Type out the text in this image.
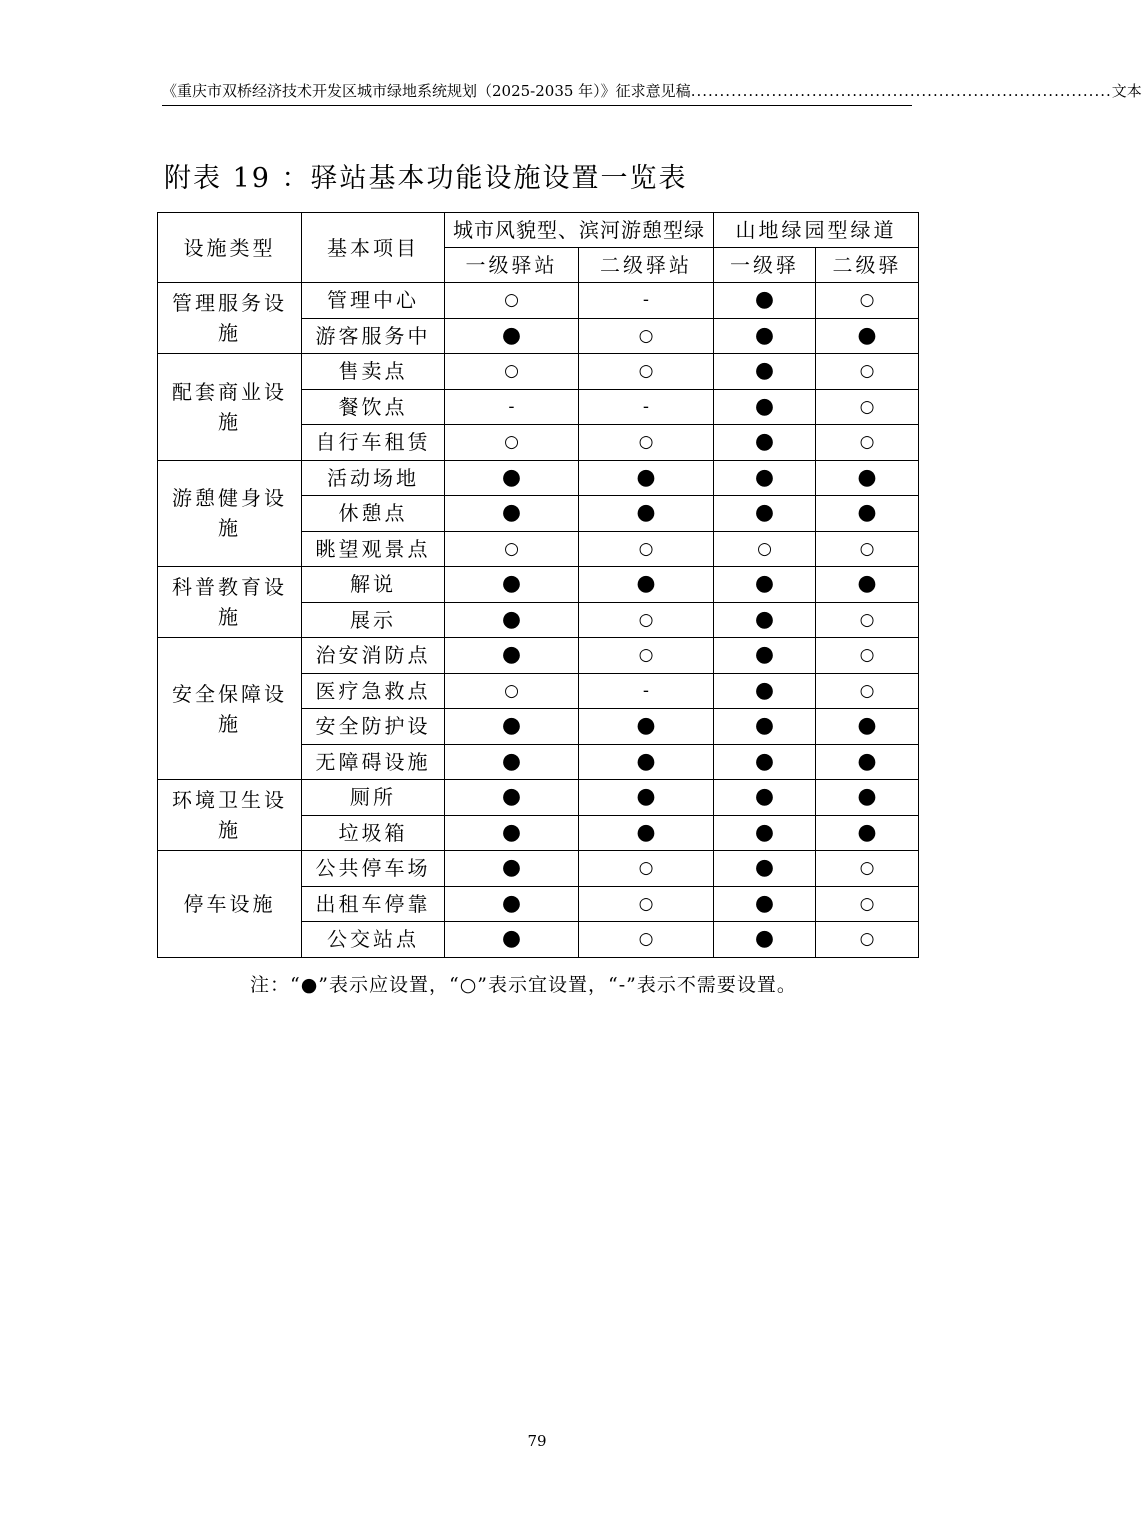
《重庆市双桥经济技术开发区城市绿地系统规划（2025-2035 年）》征求意见稿 ......................................................................... 文本
附表 19 ：驿站基本功能设施设置一览表
设施类型	基本项目	城市风貌型、滨河游憩型绿		山地绿园型绿道	
		一级驿站	二级驿站	一级驿	二级驿
管理服务设施	管理中心	○	-	●	○
	游客服务中	●	○	●	●
配套商业设施	售卖点	○	○	●	○
	餐饮点	-	-	●	○
	自行车租赁	○	○	●	○
游憩健身设施	活动场地	●	●	●	●
	休憩点	●	●	●	●
	眺望观景点	○	○	○	○
科普教育设施	解说	●	●	●	●
	展示	●	○	●	○
安全保障设施	治安消防点	●	○	●	○
	医疗急救点	○	-	●	○
	安全防护设	●	●	●	●
	无障碍设施	●	●	●	●
环境卫生设施	厕所	●	●	●	●
	垃圾箱	●	●	●	●
停车设施	公共停车场	●	○	●	○
	出租车停靠	●	○	●	○
	公交站点	●	○	●	○
注：“●”表示应设置，“○”表示宜设置，“-”表示不需要设置。
79
